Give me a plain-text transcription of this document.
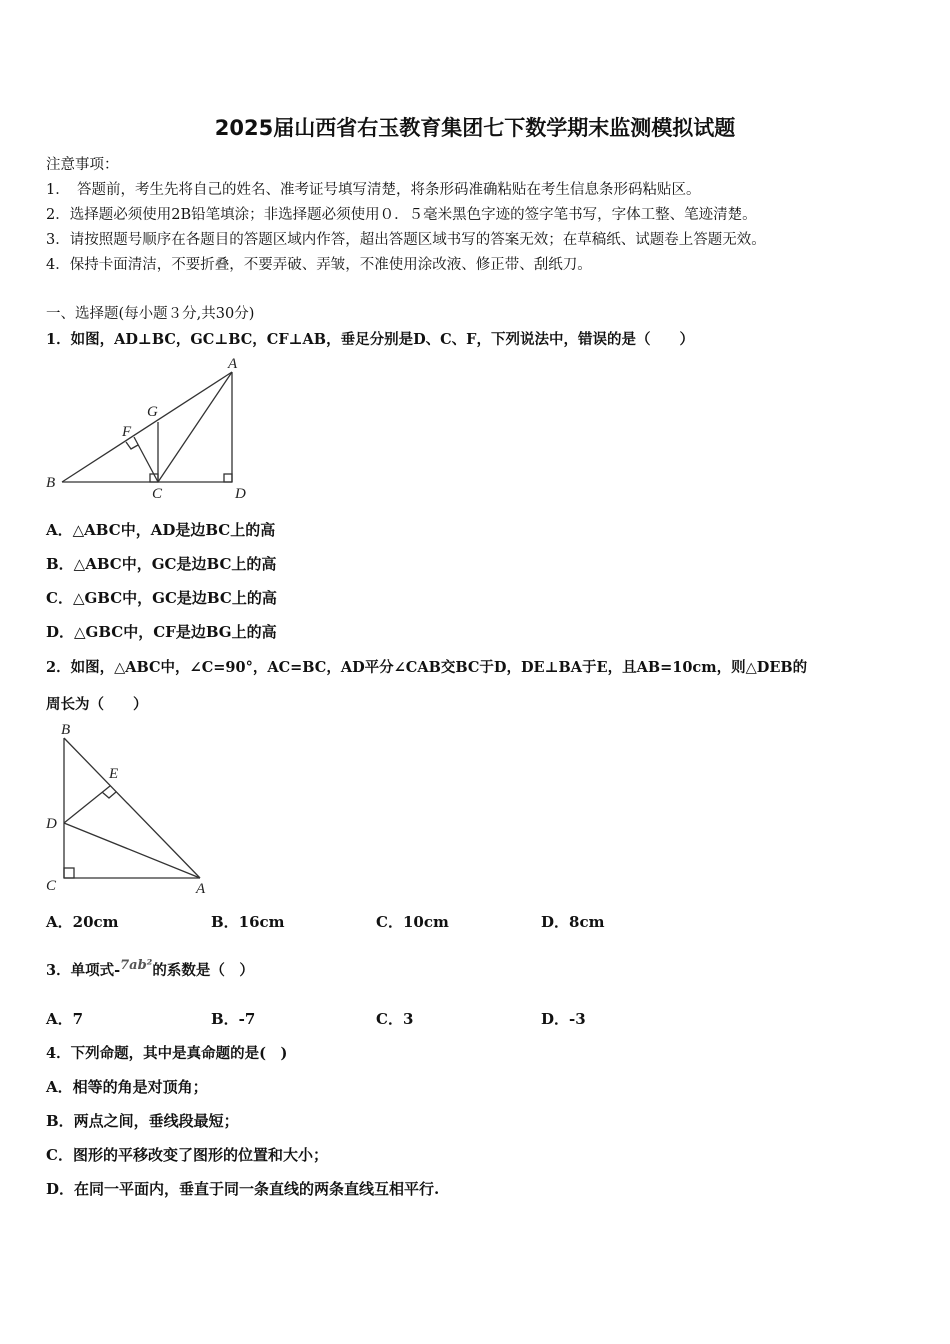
2025届山西省右玉教育集团七下数学期末监测模拟试题
注意事项：
1．　答题前，考生先将自己的姓名、准考证号填写清楚，将条形码准确粘贴在考生信息条形码粘贴区。
2．选择题必须使用2B铅笔填涂；非选择题必须使用０．５毫米黑色字迹的签字笔书写，字体工整、笔迹清楚。
3．请按照题号顺序在各题目的答题区域内作答，超出答题区域书写的答案无效；在草稿纸、试题卷上答题无效。
4．保持卡面清洁，不要折叠，不要弄破、弄皱，不准使用涂改液、修正带、刮纸刀。
一、选择题(每小题３分,共30分)
1．如图，AD⊥BC，GC⊥BC，CF⊥AB，垂足分别是D、C、F，下列说法中，错误的是（　　）
A
G
F
B
C	D
A．△ABC中，AD是边BC上的高
B．△ABC中，GC是边BC上的高
C．△GBC中，GC是边BC上的高
D．△GBC中，CF是边BG上的高
2．如图，△ABC中，∠C=90°，AC=BC，AD平分∠CAB交BC于D，DE⊥BA于E，且AB=10cm，则△DEB的
周长为（　　）
B
E
D
C	A
A．20cm	B．16cm	C．10cm	D．8cm
3．单项式-7ab²的系数是（　）
A．7	B．-7	C．3	D．-3
4．下列命题，其中是真命题的是(　)
A．相等的角是对顶角；
B．两点之间，垂线段最短；
C．图形的平移改变了图形的位置和大小；
D．在同一平面内，垂直于同一条直线的两条直线互相平行.
